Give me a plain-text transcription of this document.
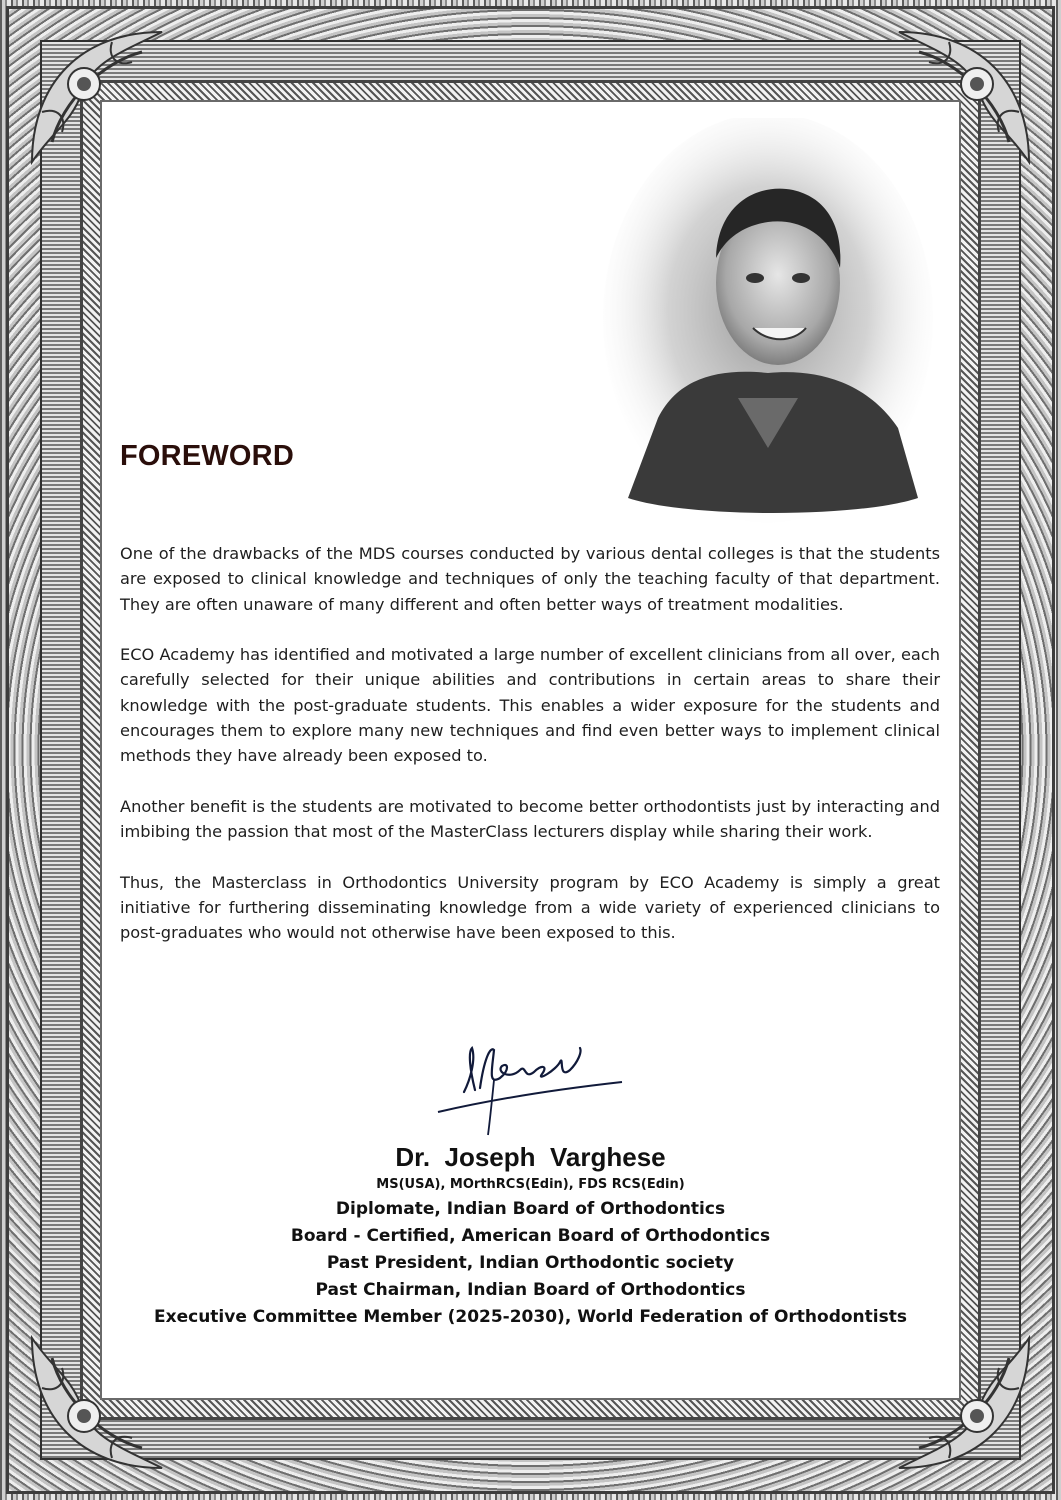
FOREWORD

One of the drawbacks of the MDS courses conducted by various dental colleges is that the students are exposed to clinical knowledge and techniques of only the teaching faculty of that department. They are often unaware of many different and often better ways of treatment modalities.

ECO Academy has identified and motivated a large number of excellent clinicians from all over, each carefully selected for their unique abilities and contributions in certain areas to share their knowledge with the post-graduate students. This enables a wider exposure for the students and encourages them to explore many new techniques and find even better ways to implement clinical methods they have already been exposed to.

Another benefit is the students are motivated to become better orthodontists just by interacting and imbibing the passion that most of the MasterClass lecturers display while sharing their work.

Thus, the Masterclass in Orthodontics University program by ECO Academy is simply a great initiative for furthering disseminating knowledge from a wide variety of experienced clinicians to post-graduates who would not otherwise have been exposed to this.

Dr.  Joseph  Varghese

MS(USA), MOrthRCS(Edin), FDS RCS(Edin)

Diplomate, Indian Board of Orthodontics

Board - Certified, American Board of Orthodontics

Past President, Indian Orthodontic society

Past Chairman, Indian Board of Orthodontics

Executive Committee Member (2025-2030), World Federation of Orthodontists
